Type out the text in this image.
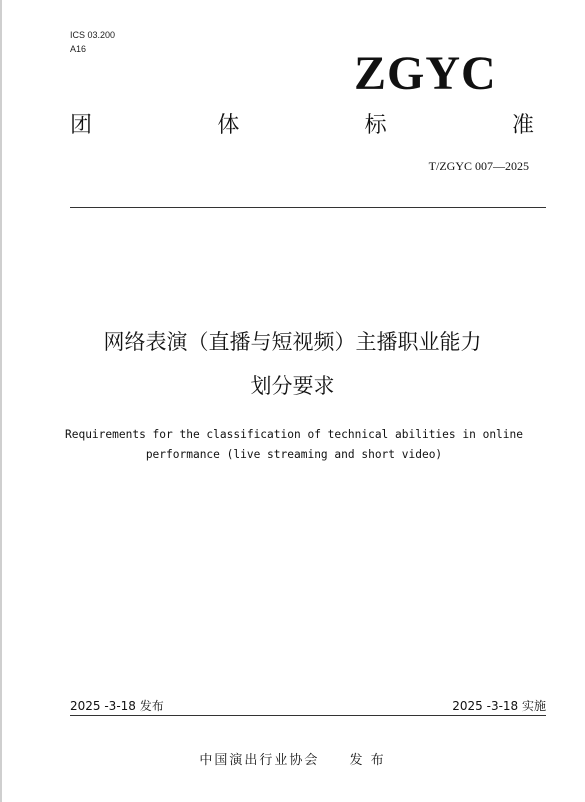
ICS 03.200
A16	ZGYC
团	体	标	准
T/ZGYC 007—2025
网络表演（直播与短视频）主播职业能力
划分要求
Requirements for the classification of technical abilities in online
performance (live streaming and short video)
2025 -3-18 发布	2025 -3-18 实施
中国演出行业协会 发 布
